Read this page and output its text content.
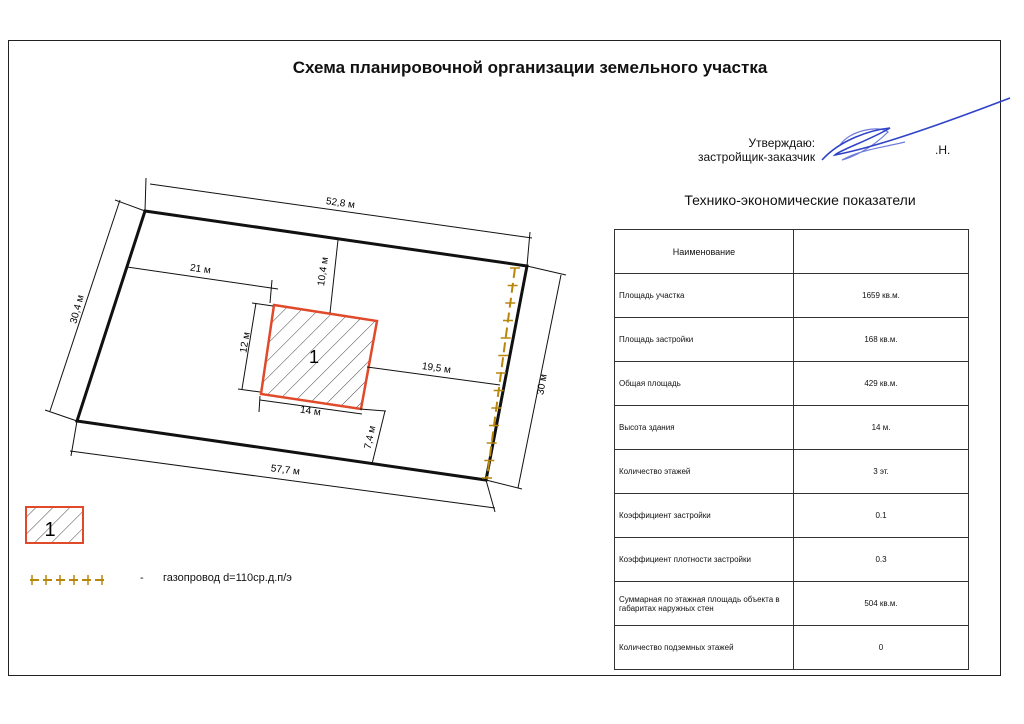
Схема планировочной организации земельного участка
Утверждаю:
застройщик-заказчик	.Н.
Технико-экономические показатели
Наименование	
Площадь участка	1659 кв.м.
Площадь застройки	168 кв.м.
Общая площадь	429 кв.м.
Высота здания	14 м.
Количество этажей	3 эт.
Коэффициент застройки	0.1
Коэффициент плотности застройки	0.3
Суммарная по этажная площадь объекта в габаритах наружных стен	504 кв.м.
Количество подземных этажей	0
52,8 м
30,4 м
30 м
57,7 м
1
21 м	10,4 м
19,5 м
7,4 м
14 м
12 м
1
- газопровод d=110ср.д.п/э
